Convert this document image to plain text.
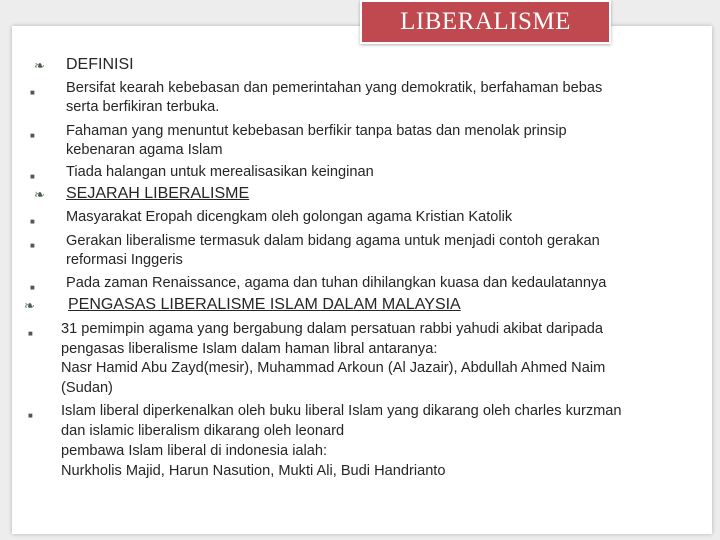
LIBERALISME
❧ DEFINISI
■ Bersifat kearah kebebasan dan pemerintahan yang demokratik, berfahaman bebas
serta berfikiran terbuka.
■ Fahaman yang menuntut kebebasan berfikir tanpa batas dan menolak prinsip
kebenaran agama Islam
■ Tiada halangan untuk merealisasikan keinginan
❧ SEJARAH LIBERALISME
■ Masyarakat Eropah dicengkam oleh golongan agama Kristian Katolik
■ Gerakan liberalisme termasuk dalam bidang agama untuk menjadi contoh gerakan
reformasi Inggeris
■ Pada zaman Renaissance, agama dan tuhan dihilangkan kuasa dan kedaulatannya
❧ PENGASAS LIBERALISME ISLAM DALAM MALAYSIA
■ 31 pemimpin agama yang bergabung dalam persatuan rabbi yahudi akibat daripada
pengasas liberalisme Islam dalam haman libral antaranya:
Nasr Hamid Abu Zayd(mesir), Muhammad Arkoun (Al Jazair), Abdullah Ahmed Naim
(Sudan)
■ Islam liberal diperkenalkan oleh buku liberal Islam yang dikarang oleh charles kurzman
dan islamic liberalism dikarang oleh leonard
pembawa Islam liberal di indonesia ialah:
Nurkholis Majid, Harun Nasution, Mukti Ali, Budi Handrianto
